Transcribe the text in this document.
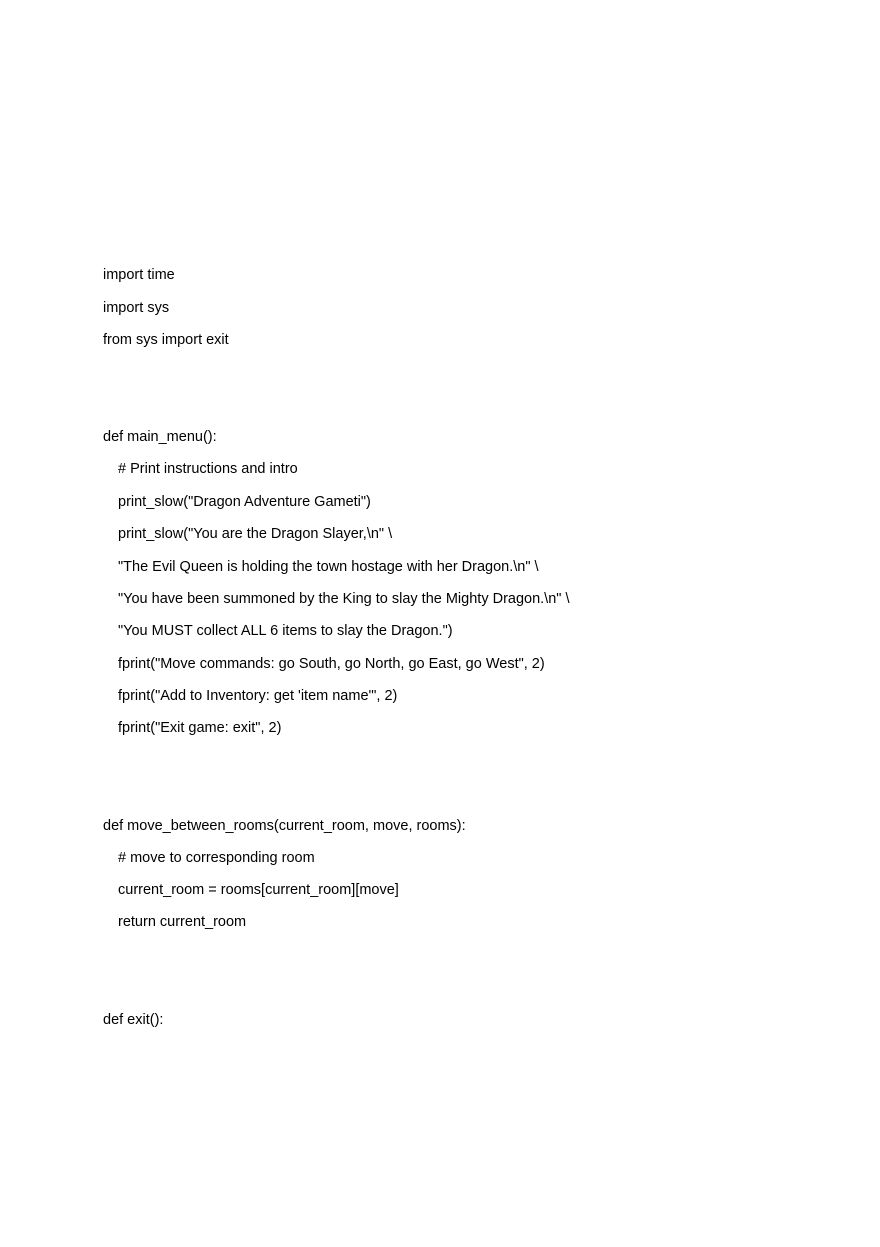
import time
import sys
from sys import exit
def main_menu():
# Print instructions and intro
print_slow("Dragon Adventure Gameti")
print_slow("You are the Dragon Slayer,\n" \
"The Evil Queen is holding the town hostage with her Dragon.\n" \
"You have been summoned by the King to slay the Mighty Dragon.\n" \
"You MUST collect ALL 6 items to slay the Dragon.")
fprint("Move commands: go South, go North, go East, go West", 2)
fprint("Add to Inventory: get 'item name'", 2)
fprint("Exit game: exit", 2)
def move_between_rooms(current_room, move, rooms):
# move to corresponding room
current_room = rooms[current_room][move]
return current_room
def exit():
